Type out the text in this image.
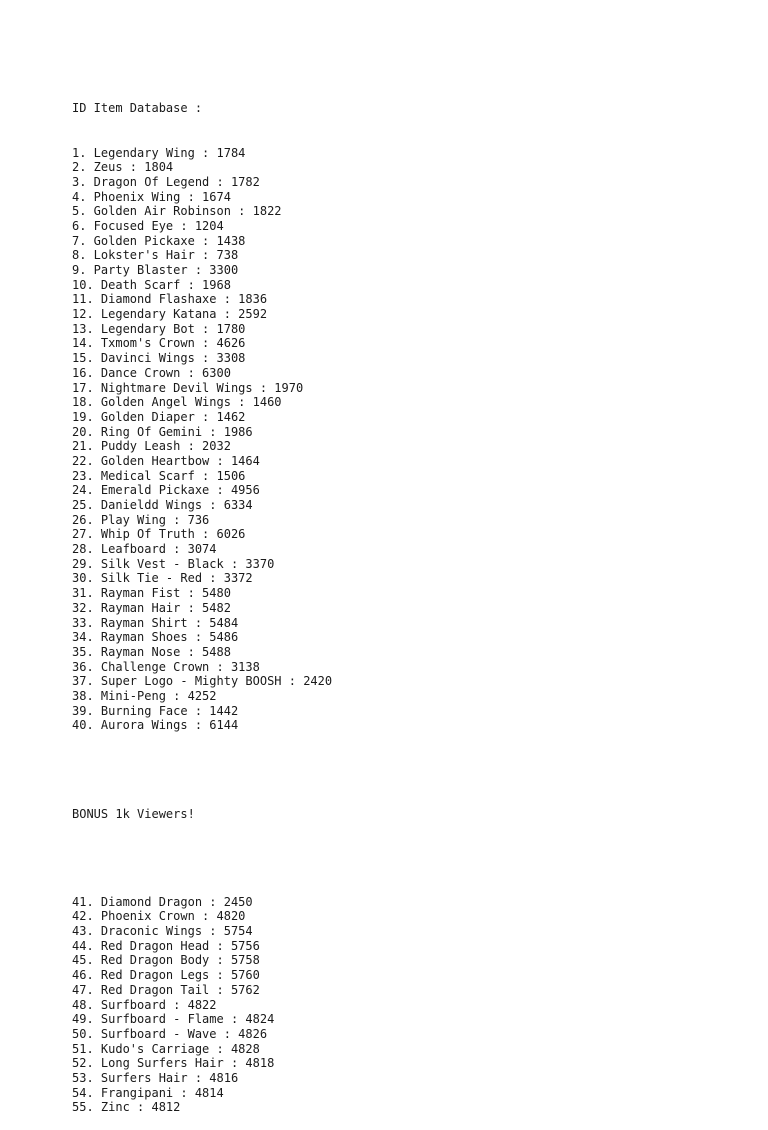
ID Item Database :

1. Legendary Wing : 1784
2. Zeus : 1804
3. Dragon Of Legend : 1782
4. Phoenix Wing : 1674
5. Golden Air Robinson : 1822
6. Focused Eye : 1204
7. Golden Pickaxe : 1438
8. Lokster's Hair : 738
9. Party Blaster : 3300
10. Death Scarf : 1968
11. Diamond Flashaxe : 1836
12. Legendary Katana : 2592
13. Legendary Bot : 1780
14. Txmom's Crown : 4626
15. Davinci Wings : 3308
16. Dance Crown : 6300
17. Nightmare Devil Wings : 1970
18. Golden Angel Wings : 1460
19. Golden Diaper : 1462
20. Ring Of Gemini : 1986
21. Puddy Leash : 2032
22. Golden Heartbow : 1464
23. Medical Scarf : 1506
24. Emerald Pickaxe : 4956
25. Danieldd Wings : 6334
26. Play Wing : 736
27. Whip Of Truth : 6026
28. Leafboard : 3074
29. Silk Vest - Black : 3370
30. Silk Tie - Red : 3372
31. Rayman Fist : 5480
32. Rayman Hair : 5482
33. Rayman Shirt : 5484
34. Rayman Shoes : 5486
35. Rayman Nose : 5488
36. Challenge Crown : 3138
37. Super Logo - Mighty BOOSH : 2420
38. Mini-Peng : 4252
39. Burning Face : 1442
40. Aurora Wings : 6144

BONUS 1k Viewers!

41. Diamond Dragon : 2450
42. Phoenix Crown : 4820
43. Draconic Wings : 5754
44. Red Dragon Head : 5756
45. Red Dragon Body : 5758
46. Red Dragon Legs : 5760
47. Red Dragon Tail : 5762
48. Surfboard : 4822
49. Surfboard - Flame : 4824
50. Surfboard - Wave : 4826
51. Kudo's Carriage : 4828
52. Long Surfers Hair : 4818
53. Surfers Hair : 4816
54. Frangipani : 4814
55. Zinc : 4812
